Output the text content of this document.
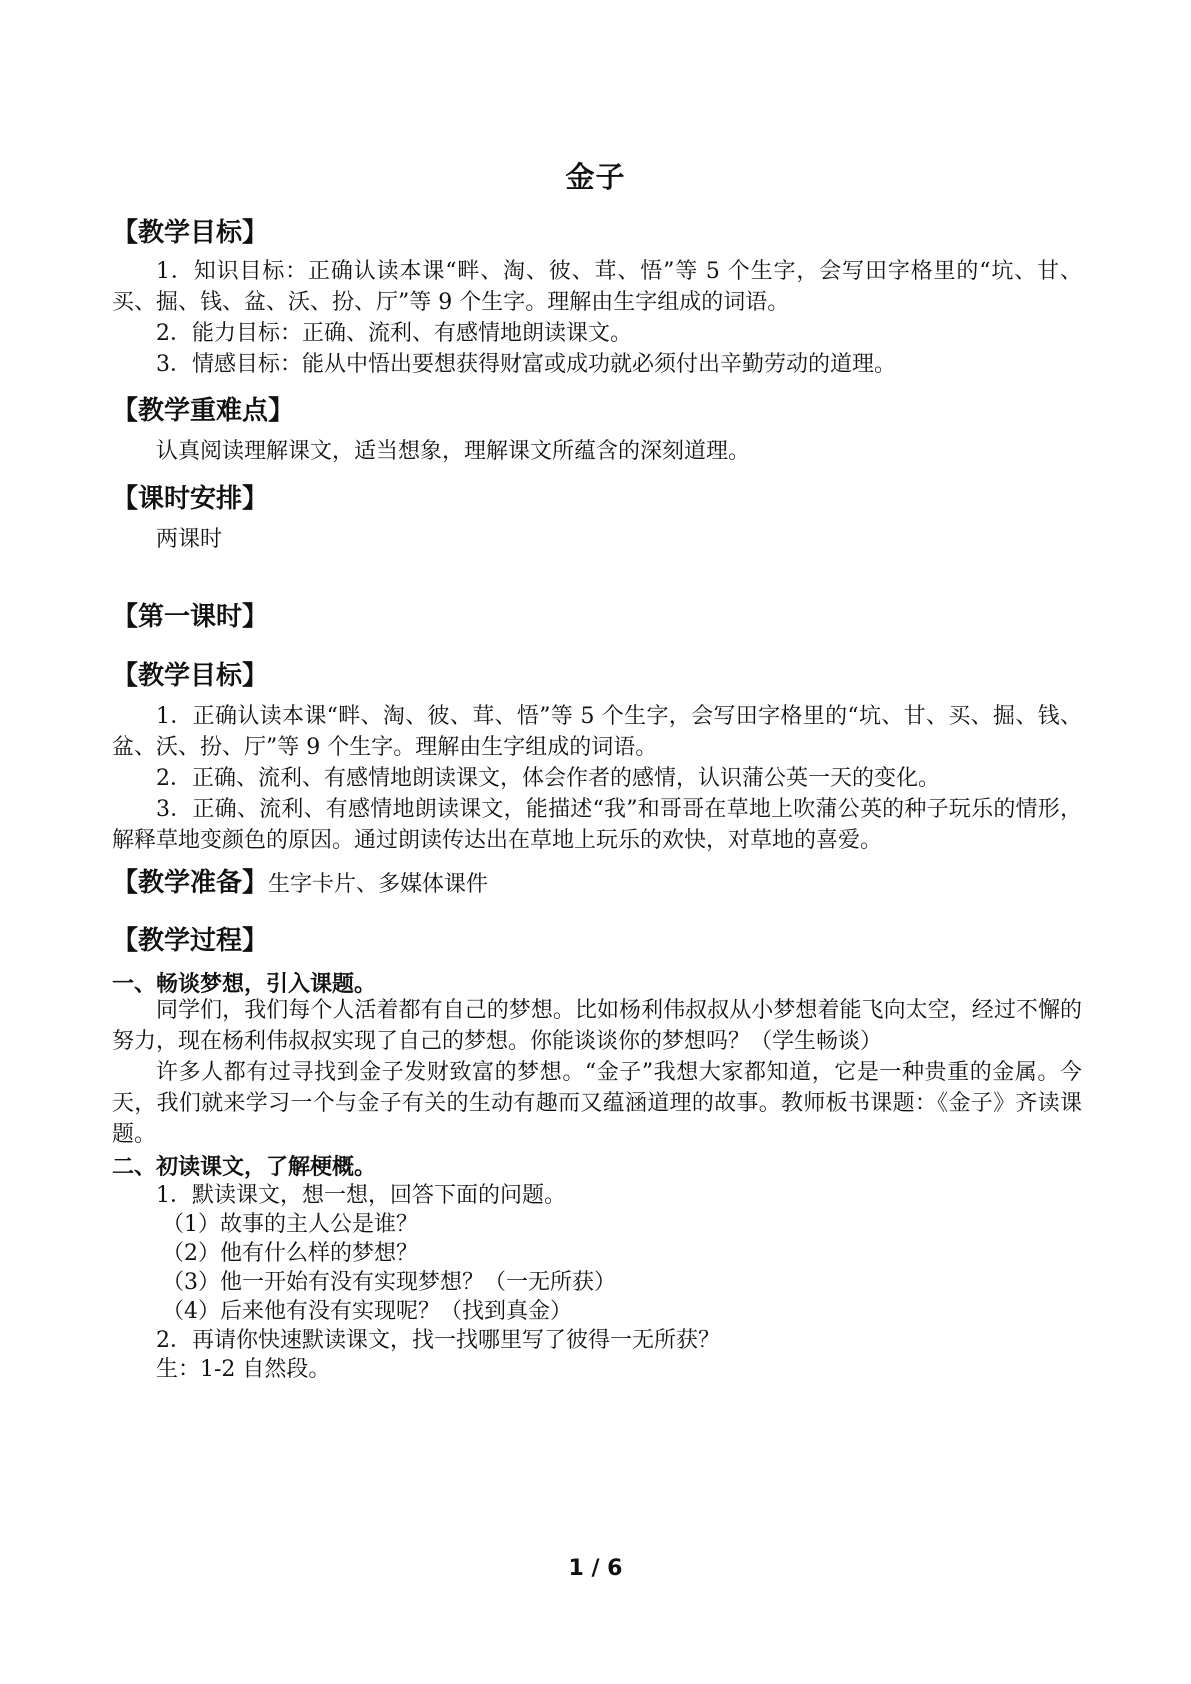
金子
【教学目标】
1．知识目标：正确认读本课“畔、淘、彼、茸、悟”等 5 个生字，会写田字格里的“坑、甘、买、掘、钱、盆、沃、扮、厅”等 9 个生字。理解由生字组成的词语。
2．能力目标：正确、流利、有感情地朗读课文。
3．情感目标：能从中悟出要想获得财富或成功就必须付出辛勤劳动的道理。
【教学重难点】
认真阅读理解课文，适当想象，理解课文所蕴含的深刻道理。
【课时安排】
两课时
【第一课时】
【教学目标】
1．正确认读本课“畔、淘、彼、茸、悟”等 5 个生字，会写田字格里的“坑、甘、买、掘、钱、盆、沃、扮、厅”等 9 个生字。理解由生字组成的词语。
2．正确、流利、有感情地朗读课文，体会作者的感情，认识蒲公英一天的变化。
3．正确、流利、有感情地朗读课文，能描述“我”和哥哥在草地上吹蒲公英的种子玩乐的情形，解释草地变颜色的原因。通过朗读传达出在草地上玩乐的欢快，对草地的喜爱。
【教学准备】生字卡片、多媒体课件
【教学过程】
一、畅谈梦想，引入课题。
同学们，我们每个人活着都有自己的梦想。比如杨利伟叔叔从小梦想着能飞向太空，经过不懈的努力，现在杨利伟叔叔实现了自己的梦想。你能谈谈你的梦想吗？（学生畅谈）
许多人都有过寻找到金子发财致富的梦想。“金子”我想大家都知道，它是一种贵重的金属。今天，我们就来学习一个与金子有关的生动有趣而又蕴涵道理的故事。教师板书课题：《金子》齐读课题。
二、初读课文，了解梗概。
1．默读课文，想一想，回答下面的问题。
（1）故事的主人公是谁？
（2）他有什么样的梦想？
（3）他一开始有没有实现梦想？（一无所获）
（4）后来他有没有实现呢？（找到真金）
2．再请你快速默读课文，找一找哪里写了彼得一无所获？
生：1-2 自然段。
1 / 6
